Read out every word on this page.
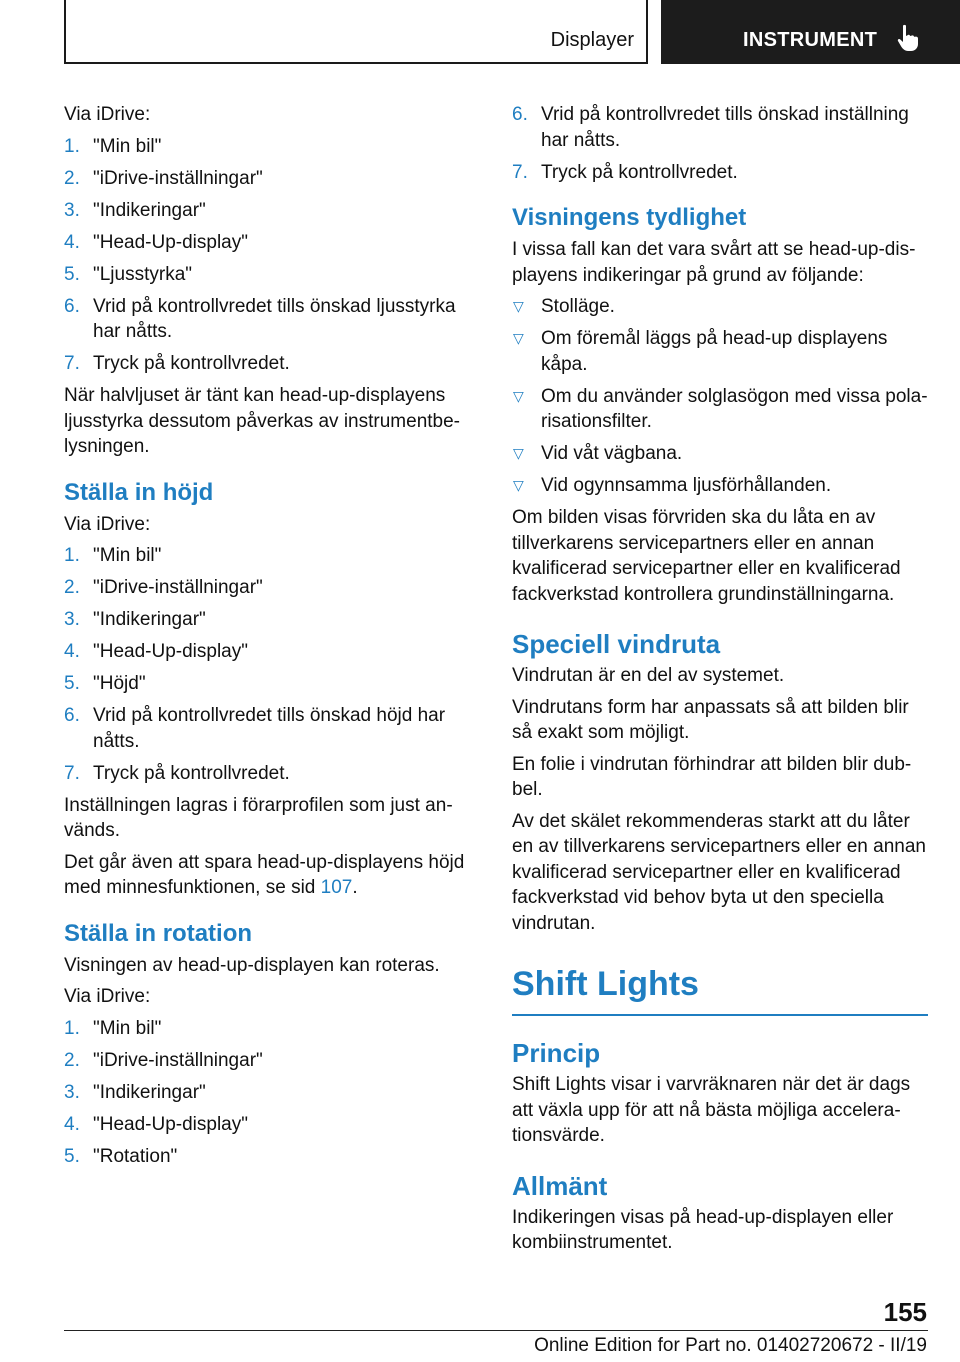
Displayer	INSTRUMENT

Via iDrive:

1. "Min bil"
2. "iDrive-inställningar"
3. "Indikeringar"
4. "Head-Up-display"
5. "Ljusstyrka"
6. Vrid på kontrollvredet tills önskad ljusstyrka har nåtts.
7. Tryck på kontrollvredet.

När halvljuset är tänt kan head-up-displayens ljusstyrka dessutom påverkas av instrumentbelysningen.

Ställa in höjd

Via iDrive:

1. "Min bil"
2. "iDrive-inställningar"
3. "Indikeringar"
4. "Head-Up-display"
5. "Höjd"
6. Vrid på kontrollvredet tills önskad höjd har nåtts.
7. Tryck på kontrollvredet.

Inställningen lagras i förarprofilen som just används.

Det går även att spara head-up-displayens höjd med minnesfunktionen, se sid 107.

Ställa in rotation

Visningen av head-up-displayen kan roteras.

Via iDrive:

1. "Min bil"
2. "iDrive-inställningar"
3. "Indikeringar"
4. "Head-Up-display"
5. "Rotation"
6. Vrid på kontrollvredet tills önskad inställning har nåtts.
7. Tryck på kontrollvredet.
Visningens tydlighet

I vissa fall kan det vara svårt att se head-up-displayens indikeringar på grund av följande:

▽ Stolläge.
▽ Om föremål läggs på head-up displayens kåpa.
▽ Om du använder solglasögon med vissa polarisationsfilter.
▽ Vid våt vägbana.
▽ Vid ogynnsamma ljusförhållanden.

Om bilden visas förvriden ska du låta en av tillverkarens servicepartners eller en annan kvalificerad servicepartner eller en kvalificerad fackverkstad kontrollera grundinställningarna.

Speciell vindruta

Vindrutan är en del av systemet.

Vindrutans form har anpassats så att bilden blir så exakt som möjligt.

En folie i vindrutan förhindrar att bilden blir dubbel.

Av det skälet rekommenderas starkt att du låter en av tillverkarens servicepartners eller en annan kvalificerad servicepartner eller en kvalificerad fackverkstad vid behov byta ut den speciella vindrutan.

Shift Lights
Princip

Shift Lights visar i varvräknaren när det är dags att växla upp för att nå bästa möjliga accelerationsvärde.

Allmänt

Indikeringen visas på head-up-displayen eller kombiinstrumentet.

155
Online Edition for Part no. 01402720672 - II/19
